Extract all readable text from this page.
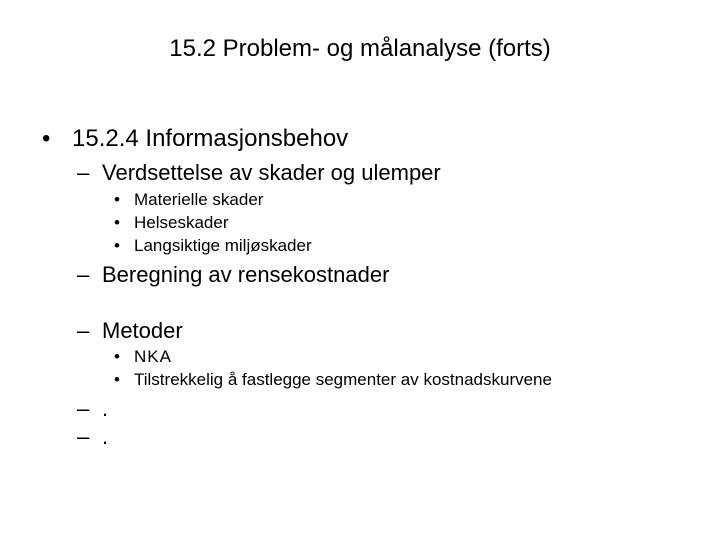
15.2 Problem- og målanalyse (forts)
• 15.2.4 Informasjonsbehov
– Verdsettelse av skader og ulemper
• Materielle skader
• Helseskader
• Langsiktige miljøskader
– Beregning av rensekostnader
– Metoder
• NKA
• Tilstrekkelig å fastlegge segmenter av kostnadskurvene
– .
– .
